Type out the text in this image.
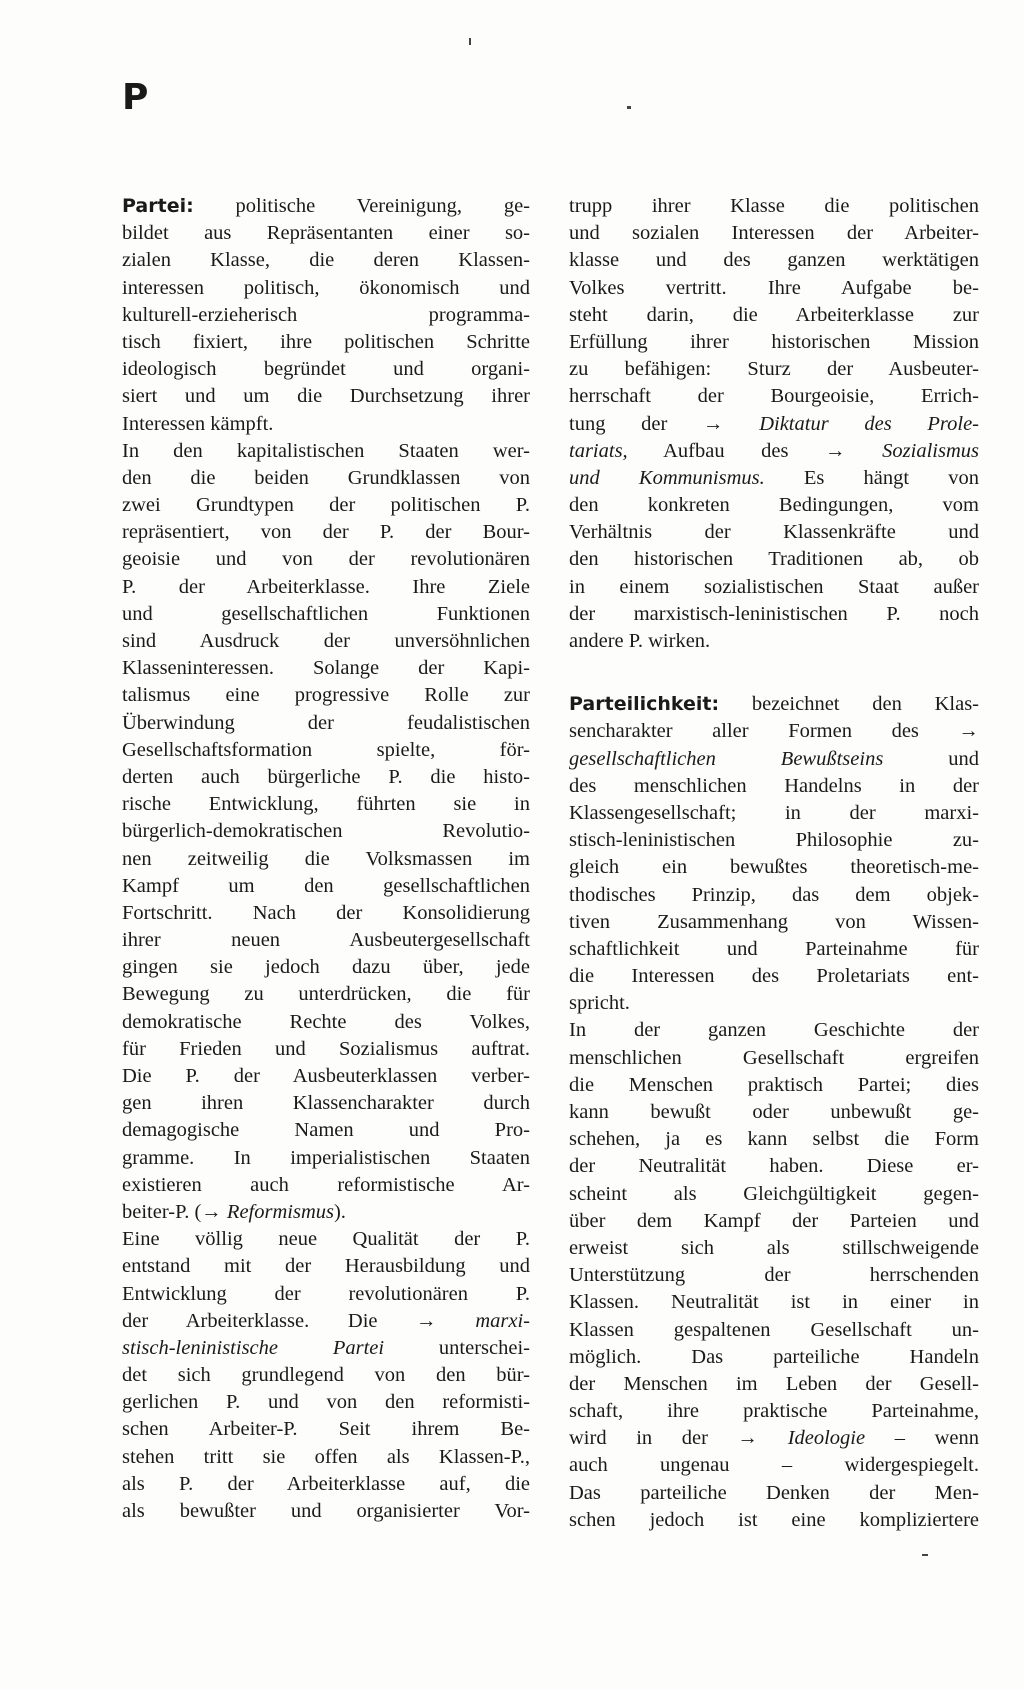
P
Partei: politische Vereinigung, ge-
bildet aus Repräsentanten einer so-
zialen Klasse, die deren Klassen-
interessen politisch, ökonomisch und
kulturell-erzieherisch programma-
tisch fixiert, ihre politischen Schritte
ideologisch begründet und organi-
siert und um die Durchsetzung ihrer
Interessen kämpft.
In den kapitalistischen Staaten wer-
den die beiden Grundklassen von
zwei Grundtypen der politischen P.
repräsentiert, von der P. der Bour-
geoisie und von der revolutionären
P. der Arbeiterklasse. Ihre Ziele
und gesellschaftlichen Funktionen
sind Ausdruck der unversöhnlichen
Klasseninteressen. Solange der Kapi-
talismus eine progressive Rolle zur
Überwindung der feudalistischen
Gesellschaftsformation spielte, för-
derten auch bürgerliche P. die histo-
rische Entwicklung, führten sie in
bürgerlich-demokratischen Revolutio-
nen zeitweilig die Volksmassen im
Kampf um den gesellschaftlichen
Fortschritt. Nach der Konsolidierung
ihrer neuen Ausbeutergesellschaft
gingen sie jedoch dazu über, jede
Bewegung zu unterdrücken, die für
demokratische Rechte des Volkes,
für Frieden und Sozialismus auftrat.
Die P. der Ausbeuterklassen verber-
gen ihren Klassencharakter durch
demagogische Namen und Pro-
gramme. In imperialistischen Staaten
existieren auch reformistische Ar-
beiter-P. (→ Reformismus).
Eine völlig neue Qualität der P.
entstand mit der Herausbildung und
Entwicklung der revolutionären P.
der Arbeiterklasse. Die → marxi-
stisch-leninistische Partei unterschei-
det sich grundlegend von den bür-
gerlichen P. und von den reformisti-
schen Arbeiter-P. Seit ihrem Be-
stehen tritt sie offen als Klassen-P.,
als P. der Arbeiterklasse auf, die
als bewußter und organisierter Vor-
trupp ihrer Klasse die politischen
und sozialen Interessen der Arbeiter-
klasse und des ganzen werktätigen
Volkes vertritt. Ihre Aufgabe be-
steht darin, die Arbeiterklasse zur
Erfüllung ihrer historischen Mission
zu befähigen: Sturz der Ausbeuter-
herrschaft der Bourgeoisie, Errich-
tung der → Diktatur des Prole-
tariats, Aufbau des → Sozialismus
und Kommunismus. Es hängt von
den konkreten Bedingungen, vom
Verhältnis der Klassenkräfte und
den historischen Traditionen ab, ob
in einem sozialistischen Staat außer
der marxistisch-leninistischen P. noch
andere P. wirken.
Parteilichkeit: bezeichnet den Klas-
sencharakter aller Formen des →
gesellschaftlichen Bewußtseins und
des menschlichen Handelns in der
Klassengesellschaft; in der marxi-
stisch-leninistischen Philosophie zu-
gleich ein bewußtes theoretisch-me-
thodisches Prinzip, das dem objek-
tiven Zusammenhang von Wissen-
schaftlichkeit und Parteinahme für
die Interessen des Proletariats ent-
spricht.
In der ganzen Geschichte der
menschlichen Gesellschaft ergreifen
die Menschen praktisch Partei; dies
kann bewußt oder unbewußt ge-
schehen, ja es kann selbst die Form
der Neutralität haben. Diese er-
scheint als Gleichgültigkeit gegen-
über dem Kampf der Parteien und
erweist sich als stillschweigende
Unterstützung der herrschenden
Klassen. Neutralität ist in einer in
Klassen gespaltenen Gesellschaft un-
möglich. Das parteiliche Handeln
der Menschen im Leben der Gesell-
schaft, ihre praktische Parteinahme,
wird in der → Ideologie – wenn
auch ungenau – widergespiegelt.
Das parteiliche Denken der Men-
schen jedoch ist eine kompliziertere
